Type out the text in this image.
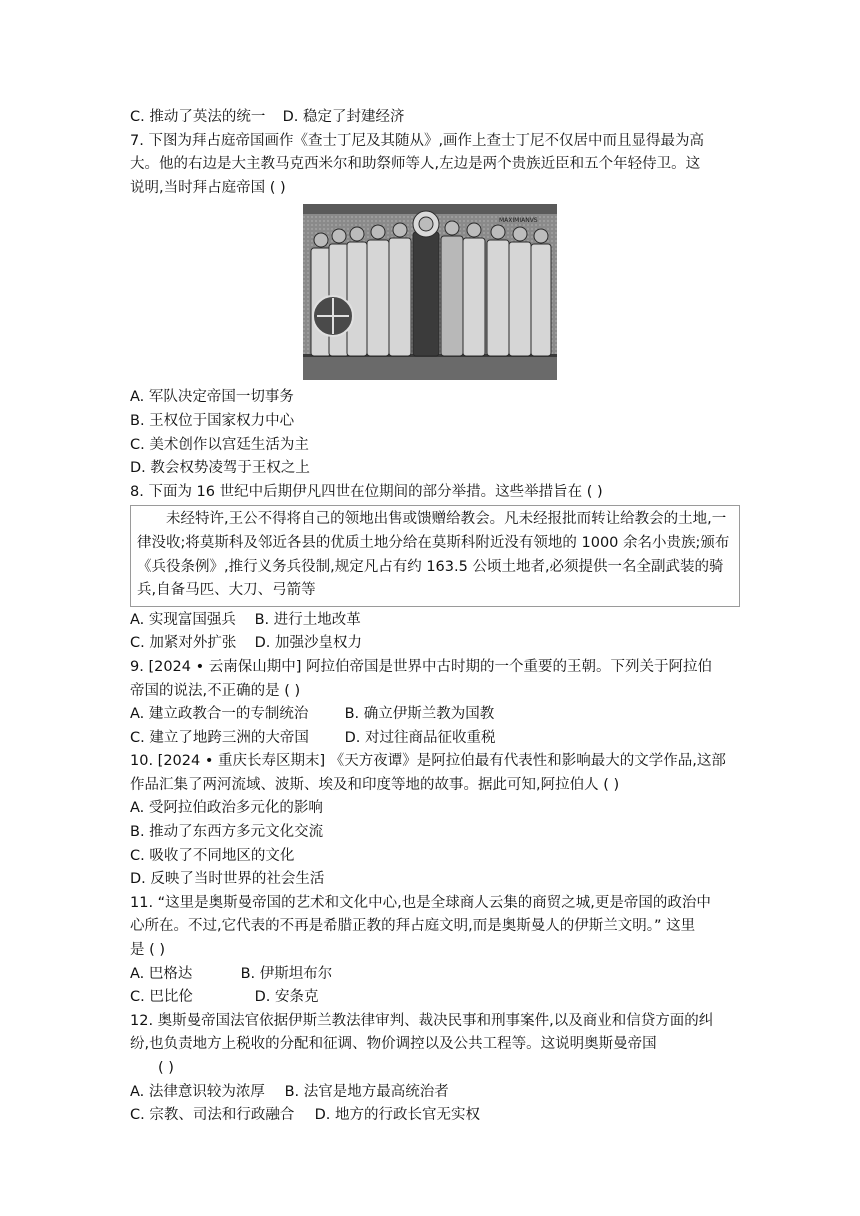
C. 推动了英法的统一 D. 稳定了封建经济
7. 下图为拜占庭帝国画作《查士丁尼及其随从》,画作上查士丁尼不仅居中而且显得最为高
大。他的右边是大主教马克西米尔和助祭师等人,左边是两个贵族近臣和五个年轻侍卫。这
说明,当时拜占庭帝国 ( )
MAXIMIANVS
A. 军队决定帝国一切事务
B. 王权位于国家权力中心
C. 美术创作以宫廷生活为主
D. 教会权势凌驾于王权之上
8. 下面为 16 世纪中后期伊凡四世在位期间的部分举措。这些举措旨在 ( )
未经特许,王公不得将自己的领地出售或馈赠给教会。凡未经报批而转让给教会的土地,一律没收;将莫斯科及邻近各县的优质土地分给在莫斯科附近没有领地的 1000 余名小贵族;颁布《兵役条例》,推行义务兵役制,规定凡占有约 163.5 公顷土地者,必须提供一名全副武装的骑兵,自备马匹、大刀、弓箭等
A. 实现富国强兵 B. 进行土地改革
C. 加紧对外扩张 D. 加强沙皇权力
9. [2024 • 云南保山期中] 阿拉伯帝国是世界中古时期的一个重要的王朝。下列关于阿拉伯
帝国的说法,不正确的是 ( )
A. 建立政教合一的专制统治 B. 确立伊斯兰教为国教
C. 建立了地跨三洲的大帝国 D. 对过往商品征收重税
10. [2024 • 重庆长寿区期末] 《天方夜谭》是阿拉伯最有代表性和影响最大的文学作品,这部
作品汇集了两河流域、波斯、埃及和印度等地的故事。据此可知,阿拉伯人 ( )
A. 受阿拉伯政治多元化的影响
B. 推动了东西方多元文化交流
C. 吸收了不同地区的文化
D. 反映了当时世界的社会生活
11. “这里是奥斯曼帝国的艺术和文化中心,也是全球商人云集的商贸之城,更是帝国的政治中
心所在。不过,它代表的不再是希腊正教的拜占庭文明,而是奥斯曼人的伊斯兰文明。” 这里
是 ( )
A. 巴格达	B. 伊斯坦布尔
C. 巴比伦	D. 安条克
12. 奥斯曼帝国法官依据伊斯兰教法律审判、裁决民事和刑事案件,以及商业和信贷方面的纠
纷,也负责地方上税收的分配和征调、物价调控以及公共工程等。这说明奥斯曼帝国
( )
A. 法律意识较为浓厚 B. 法官是地方最高统治者
C. 宗教、司法和行政融合 D. 地方的行政长官无实权
